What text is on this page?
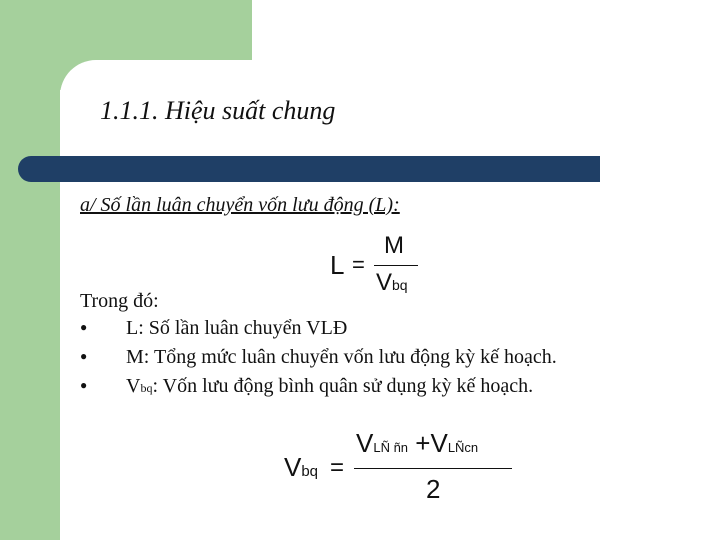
1.1.1. Hiệu suất chung
a/ Số lần luân chuyển vốn lưu động (L):
L =
M
Vbq
Trong đó:
●	L : Số lần luân chuyển VLĐ
●	M : Tổng mức luân chuyển vốn lưu động kỳ kế hoạch.
●	V bq : Vốn lưu động bình quân sử dụng kỳ kế hoạch.
Vbq =
VLÑ ñn +VLÑcn
2
